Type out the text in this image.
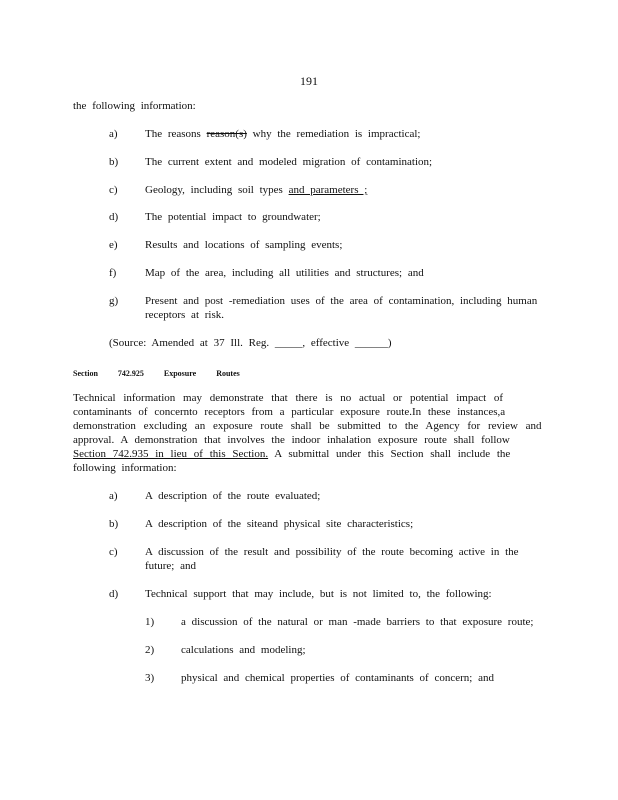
191
the following information:
a) The reasons reason(s) why the remediation is impractical;
b) The current extent and modeled migration of contamination;
c) Geology, including soil types and parameters ;
d) The potential impact to groundwater;
e) Results and locations of sampling events;
f)	Map of the area, including all utilities and structures; and
g) Present and post -remediation uses of the area of contamination, including human
receptors at risk.
(Source: Amended at 37 Ill. Reg. _____, effective ______)
Section 742.925 Exposure Routes
Technical information may demonstrate that there is no actual or potential impact of
contaminants of concernto receptors from a particular exposure route.In these instances,a
demonstration excluding an exposure route shall be submitted to the Agency for review and
approval. A demonstration that involves the indoor inhalation exposure route shall follow
Section 742.935 in lieu of this Section. A submittal under this Section shall include the
following information:
a) A description of the route evaluated;
b) A description of the siteand physical site characteristics;
c) A discussion of the result and possibility of the route becoming active in the
future; and
d) Technical support that may include, but is not limited to, the following:
1) a discussion of the natural or man -made barriers to that exposure route;
2) calculations and modeling;
3) physical and chemical properties of contaminants of concern; and
